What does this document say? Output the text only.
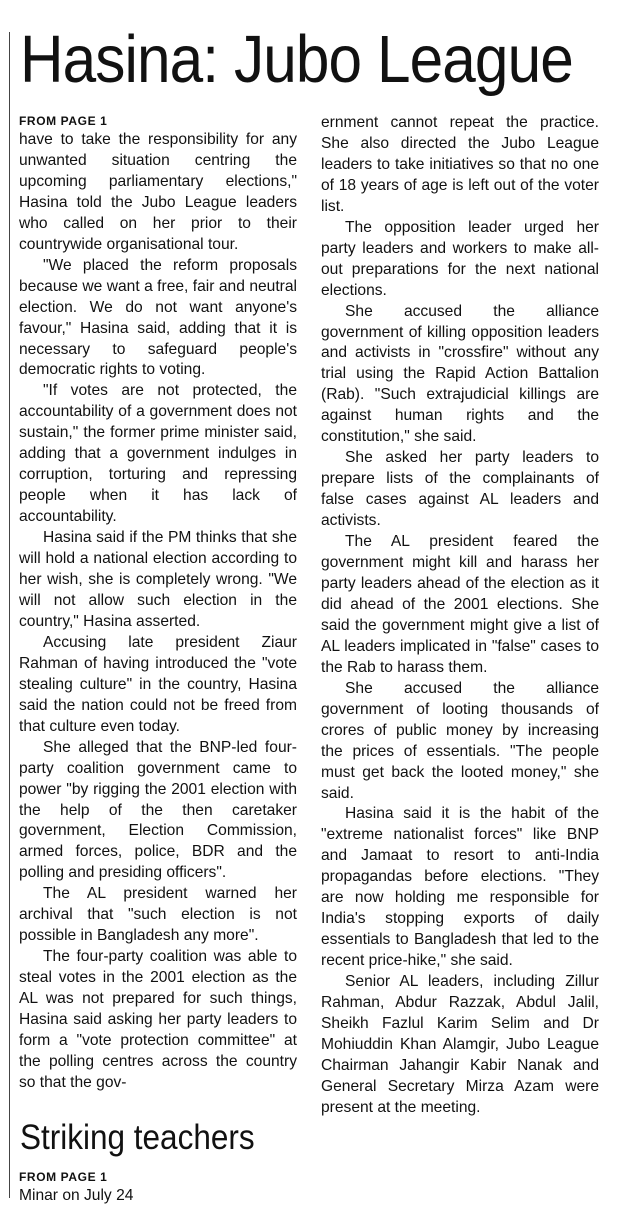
Hasina: Jubo League
FROM PAGE 1

have to take the responsibility for any unwanted situation centring the upcoming parliamentary elections," Hasina told the Jubo League leaders who called on her prior to their countrywide organisational tour.

"We placed the reform proposals because we want a free, fair and neutral election. We do not want anyone's favour," Hasina said, adding that it is necessary to safeguard people's democratic rights to voting.

"If votes are not protected, the accountability of a government does not sustain," the former prime minister said, adding that a government indulges in corruption, torturing and repressing people when it has lack of accountability.

Hasina said if the PM thinks that she will hold a national election according to her wish, she is completely wrong. "We will not allow such election in the country," Hasina asserted.

Accusing late president Ziaur Rahman of having introduced the "vote stealing culture" in the country, Hasina said the nation could not be freed from that culture even today.

She alleged that the BNP-led four-party coalition government came to power "by rigging the 2001 election with the help of the then caretaker government, Election Commission, armed forces, police, BDR and the polling and presiding officers".

The AL president warned her archival that "such election is not possible in Bangladesh any more".

The four-party coalition was able to steal votes in the 2001 election as the AL was not prepared for such things, Hasina said asking her party leaders to form a "vote protection committee" at the polling centres across the country so that the gov-

ernment cannot repeat the practice. She also directed the Jubo League leaders to take initiatives so that no one of 18 years of age is left out of the voter list.

The opposition leader urged her party leaders and workers to make all-out preparations for the next national elections.

She accused the alliance government of killing opposition leaders and activists in "crossfire" without any trial using the Rapid Action Battalion (Rab). "Such extrajudicial killings are against human rights and the constitution," she said.

She asked her party leaders to prepare lists of the complainants of false cases against AL leaders and activists.

The AL president feared the government might kill and harass her party leaders ahead of the election as it did ahead of the 2001 elections. She said the government might give a list of AL leaders implicated in "false" cases to the Rab to harass them.

She accused the alliance government of looting thousands of crores of public money by increasing the prices of essentials. "The people must get back the looted money," she said.

Hasina said it is the habit of the "extreme nationalist forces" like BNP and Jamaat to resort to anti-India propagandas before elections. "They are now holding me responsible for India's stopping exports of daily essentials to Bangladesh that led to the recent price-hike," she said.

Senior AL leaders, including Zillur Rahman, Abdur Razzak, Abdul Jalil, Sheikh Fazlul Karim Selim and Dr Mohiuddin Khan Alamgir, Jubo League Chairman Jahangir Kabir Nanak and General Secretary Mirza Azam were present at the meeting.

Striking teachers
FROM PAGE 1
Minar on July 24
